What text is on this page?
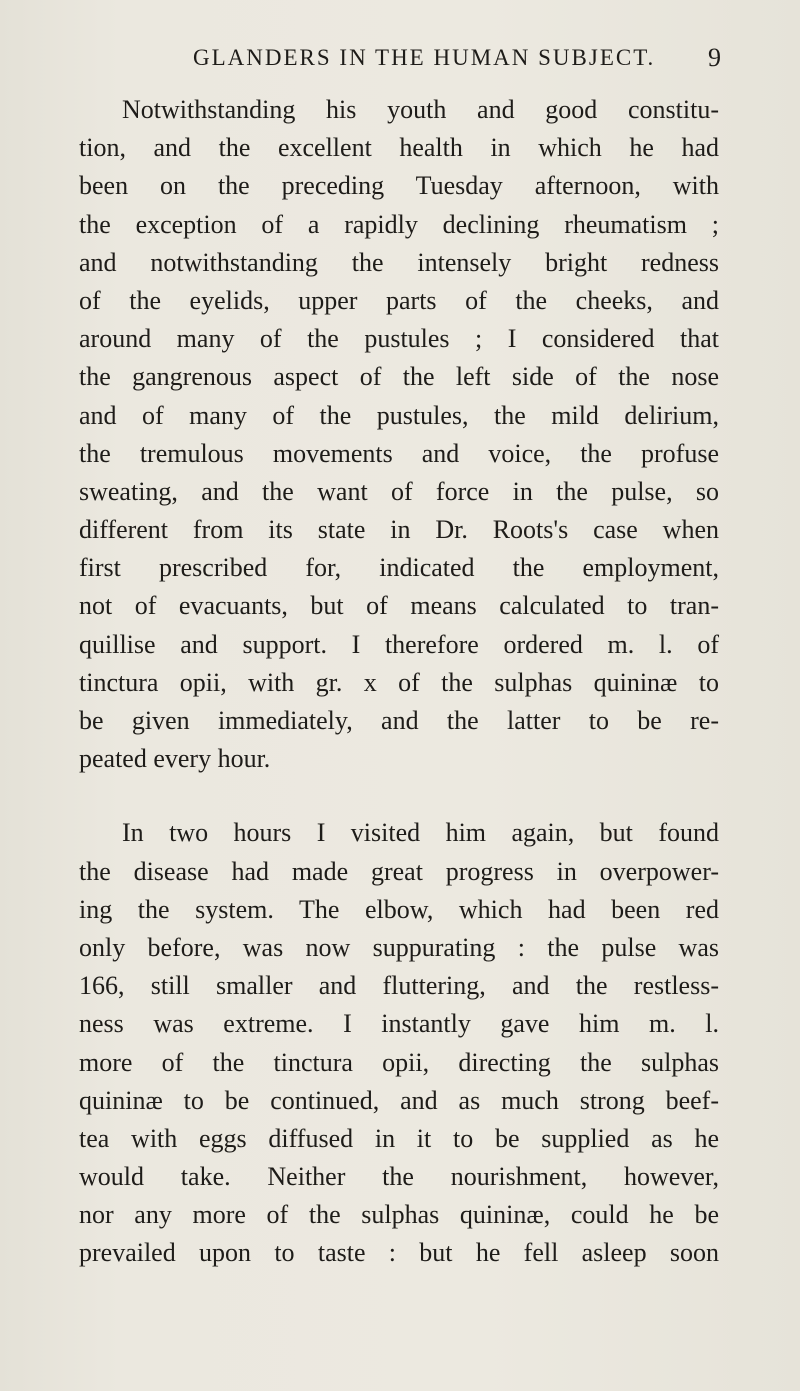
GLANDERS IN THE HUMAN SUBJECT. 9

Notwithstanding his youth and good constitu-
tion, and the excellent health in which he had
been on the preceding Tuesday afternoon, with
the exception of a rapidly declining rheumatism ;
and notwithstanding the intensely bright redness
of the eyelids, upper parts of the cheeks, and
around many of the pustules ; I considered that
the gangrenous aspect of the left side of the nose
and of many of the pustules, the mild delirium,
the tremulous movements and voice, the profuse
sweating, and the want of force in the pulse, so
different from its state in Dr. Roots's case when
first prescribed for, indicated the employment,
not of evacuants, but of means calculated to tran-
quillise and support. I therefore ordered m. l. of
tinctura opii, with gr. x of the sulphas quininæ to
be given immediately, and the latter to be re-
peated every hour.

In two hours I visited him again, but found
the disease had made great progress in overpower-
ing the system. The elbow, which had been red
only before, was now suppurating : the pulse was
166, still smaller and fluttering, and the restless-
ness was extreme. I instantly gave him m. l.
more of the tinctura opii, directing the sulphas
quininæ to be continued, and as much strong beef-
tea with eggs diffused in it to be supplied as he
would take. Neither the nourishment, however,
nor any more of the sulphas quininæ, could he be
prevailed upon to taste : but he fell asleep soon
